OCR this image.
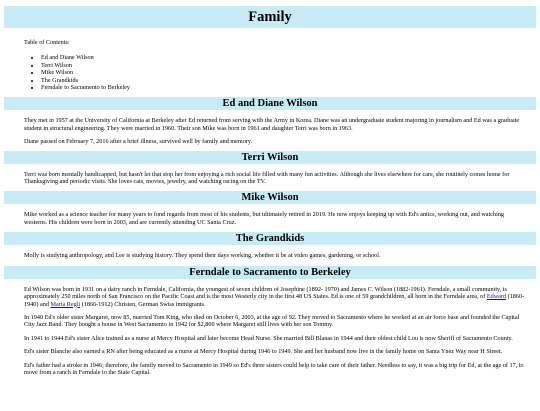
Family
Table of Contents:
• Ed and Diane Wilson
• Terri Wilson
• Mike Wilson
• The Grandkids
• Ferndale to Sacramento to Berkeley
Ed and Diane Wilson

They met in 1957 at the University of California at Berkeley after Ed returned from serving with the Army in Korea. Diane was an undergraduate student majoring in journalism and Ed was a graduate student in structural engineering. They were married in 1960. Their son Mike was born in 1961 and daughter Terri was born in 1963.

Diane passed on February 7, 2016 after a brief illness, survived well by family and memory.

Terri Wilson

Terri was born mentally handicapped, but hasn't let that stop her from enjoying a rich social life filled with many fun activities. Although she lives elsewhere for care, she routinely comes home for Thanksgiving and periodic visits. She loves cats, movies, jewelry, and watching racing on the TV.

Mike Wilson

Mike worked as a science teacher for many years to fond regards from most of his students, but ultimately retired in 2019. He now enjoys keeping up with Ed's antics, working out, and watching westerns. His children were born in 2003, and are currently attending UC Santa Cruz.

The Grandkids

Molly is studying anthropology, and Lee is studying history. They spend their days working, whether it be at video games, gardening, or school.

Ferndale to Sacramento to Berkeley

Ed Wilson was born in 1931 on a dairy ranch in Ferndale, California, the youngest of seven children of Josephine (1892- 1970) and James C. Wilson (1882-1961). Ferndale, a small community, is approximately 250 miles north of San Francisco on the Pacific Coast and is the most Westerly city in the first 48 US States. Ed is one of 59 grandchildren, all born in the Ferndale area, of Edward (1860-1940) and Maria Regli (1866-1912) Christen, German Swiss immigrants.

In 1940 Ed's older sister Margaret, now 85, married Tom King, who died on October 6, 2003, at the age of 92. They moved to Sacramento where he worked at an air force base and founded the Capital City Jazz Band. They bought a house in West Sacramento in 1942 for $2,800 where Margaret still lives with her son Tommy.

In 1941 to 1944 Ed's sister Alice trained as a nurse at Mercy Hospital and later become Head Nurse. She married Bill Blanas in 1944 and their oldest child Lou is now Sheriff of Sacramento County.

Ed's sister Blanche also earned a RN after being educated as a nurse at Mercy Hospital during 1946 to 1949. She and her husband now live in the family home on Santa Ynez Way near H Street.

Ed's father had a stroke in 1946; therefore, the family moved to Sacramento in 1949 so Ed's three sisters could help to take care of their father. Needless to say, it was a big trip for Ed, at the age of 17, to move from a ranch in Ferndale to the State Capital.
